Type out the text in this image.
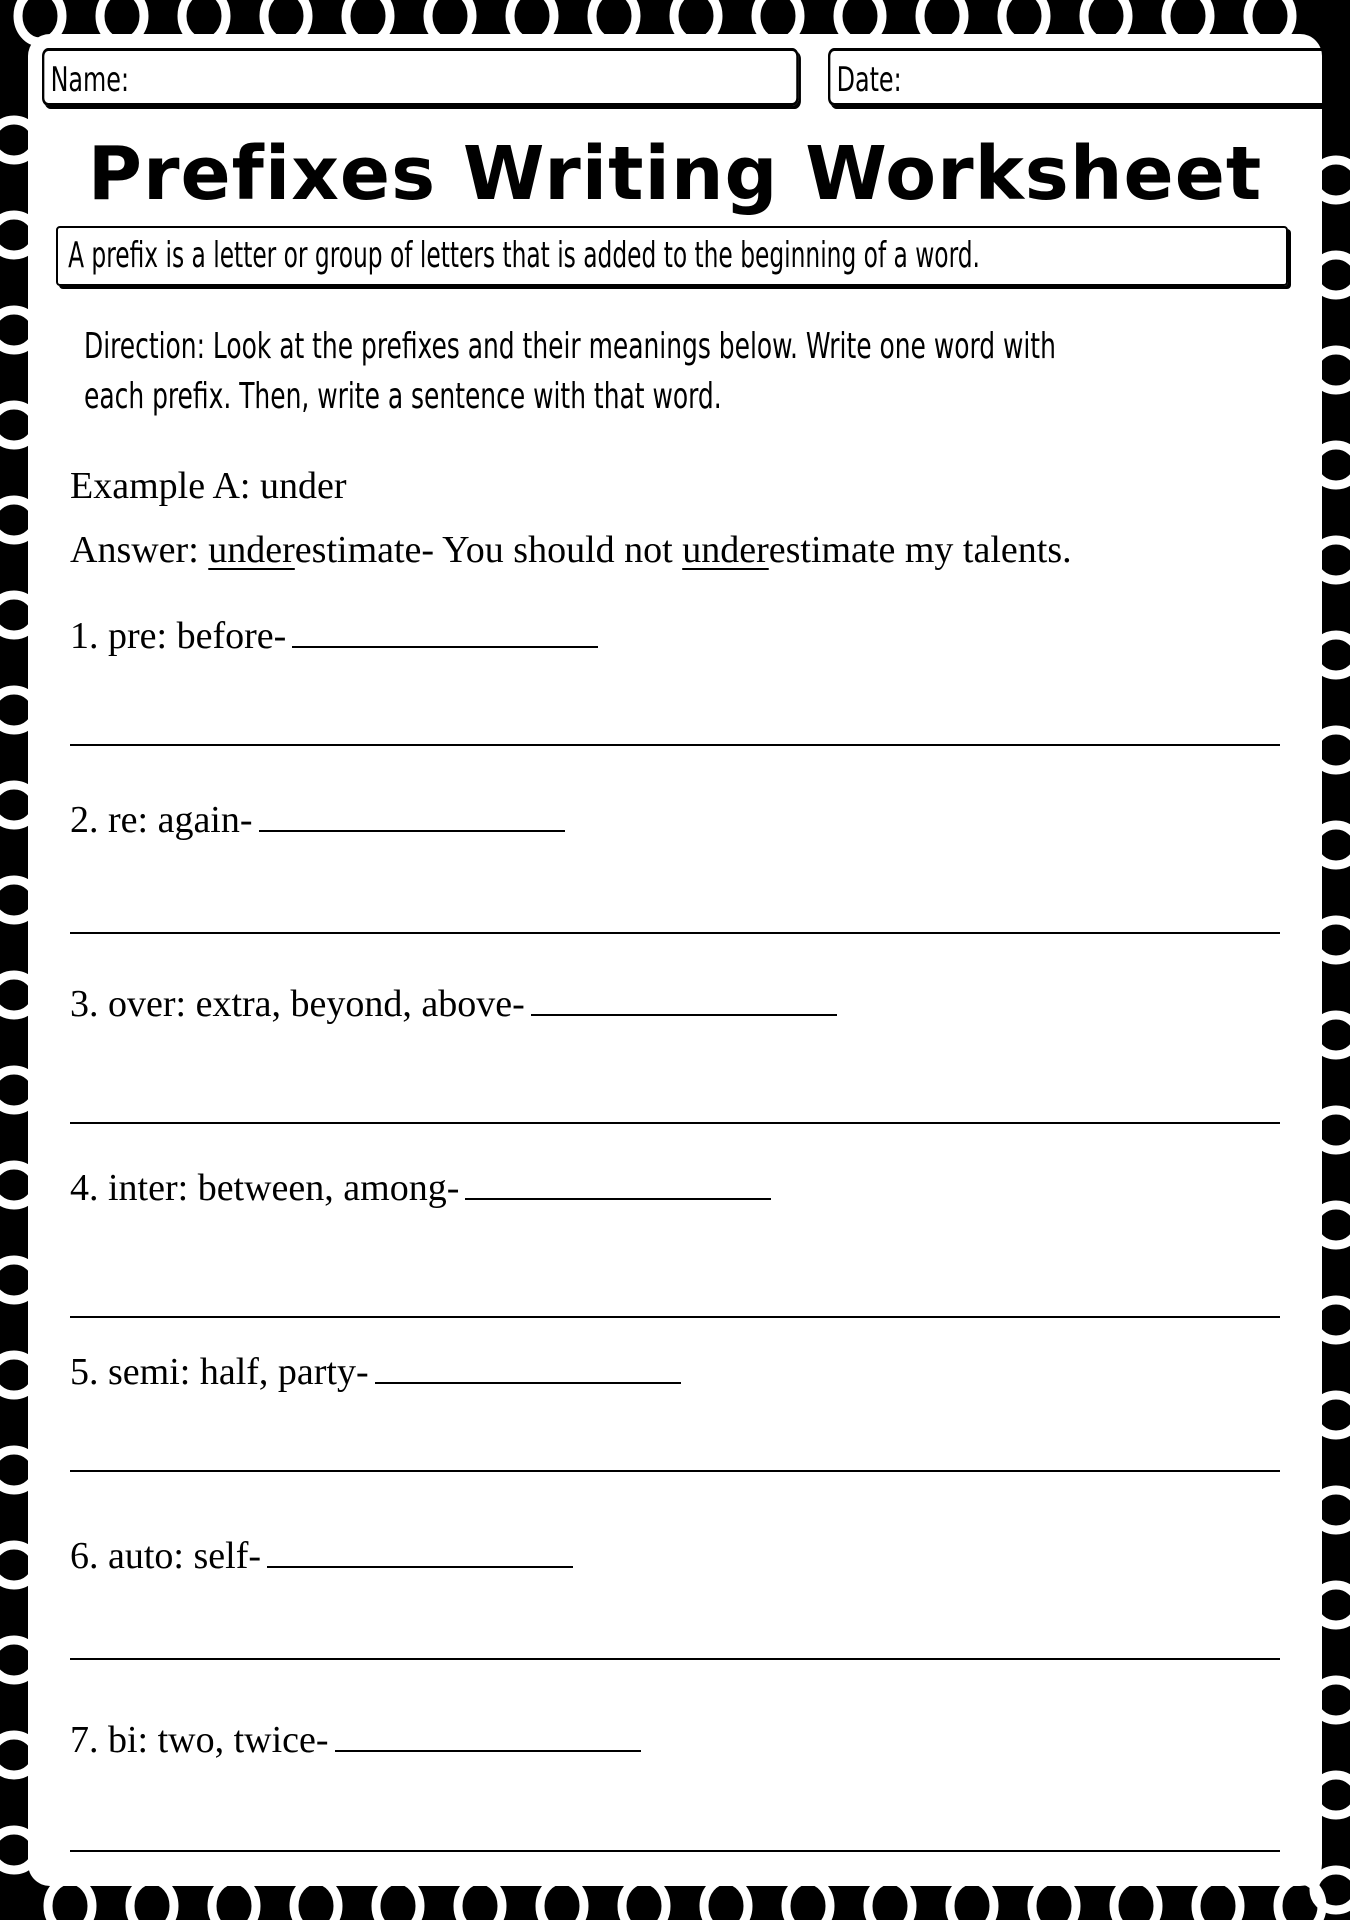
Name:	Date:
Prefixes Writing Worksheet
A prefix is a letter or group of letters that is added to the beginning of a word.
Direction: Look at the prefixes and their meanings below. Write one word with
each prefix. Then, write a sentence with that word.
Example A: under
Answer: underestimate- You should not underestimate my talents.
1. pre: before-
2. re: again-
3. over: extra, beyond, above-
4. inter: between, among-
5. semi: half, party-
6. auto: self-
7. bi: two, twice-
